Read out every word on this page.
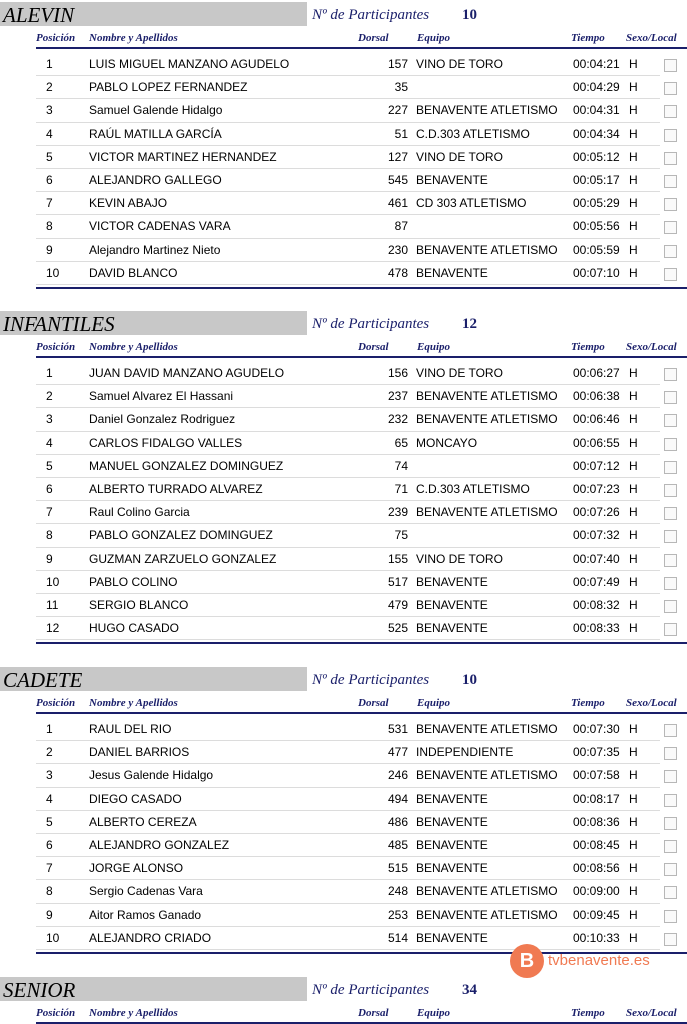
ALEVIN	Nº de Participantes 10
Posición Nombre y Apellidos	Dorsal	Equipo	Tiempo Sexo/Local
1	LUIS MIGUEL MANZANO AGUDELO	157 VINO DE TORO	00:04:21 H
2	PABLO LOPEZ FERNANDEZ	35	00:04:29 H
3	Samuel Galende Hidalgo	227 BENAVENTE ATLETISMO 00:04:31 H
4	RAÚL MATILLA GARCÍA	51 C.D.303 ATLETISMO	00:04:34 H
5	VICTOR MARTINEZ HERNANDEZ	127 VINO DE TORO	00:05:12 H
6	ALEJANDRO GALLEGO	545 BENAVENTE	00:05:17 H
7	KEVIN ABAJO	461 CD 303 ATLETISMO	00:05:29 H
8	VICTOR CADENAS VARA	87	00:05:56 H
9	Alejandro Martinez Nieto	230 BENAVENTE ATLETISMO 00:05:59 H
10 DAVID BLANCO	478 BENAVENTE	00:07:10 H
INFANTILES	Nº de Participantes 12
Posición Nombre y Apellidos	Dorsal	Equipo	Tiempo Sexo/Local
1	JUAN DAVID MANZANO AGUDELO	156 VINO DE TORO	00:06:27 H
2	Samuel Alvarez El Hassani	237 BENAVENTE ATLETISMO 00:06:38 H
3	Daniel Gonzalez Rodriguez	232 BENAVENTE ATLETISMO 00:06:46 H
4	CARLOS FIDALGO VALLES	65 MONCAYO	00:06:55 H
5	MANUEL GONZALEZ DOMINGUEZ	74	00:07:12 H
6	ALBERTO TURRADO ALVAREZ	71 C.D.303 ATLETISMO	00:07:23 H
7	Raul Colino Garcia	239 BENAVENTE ATLETISMO 00:07:26 H
8	PABLO GONZALEZ DOMINGUEZ	75	00:07:32 H
9	GUZMAN ZARZUELO GONZALEZ	155 VINO DE TORO	00:07:40 H
10 PABLO COLINO	517 BENAVENTE	00:07:49 H
11	SERGIO BLANCO	479 BENAVENTE	00:08:32 H
12 HUGO CASADO	525 BENAVENTE	00:08:33 H
CADETE	Nº de Participantes 10
Posición Nombre y Apellidos	Dorsal	Equipo	Tiempo Sexo/Local
1	RAUL DEL RIO	531 BENAVENTE ATLETISMO 00:07:30 H
2	DANIEL BARRIOS	477 INDEPENDIENTE	00:07:35 H
3	Jesus Galende Hidalgo	246 BENAVENTE ATLETISMO 00:07:58 H
4	DIEGO CASADO	494 BENAVENTE	00:08:17 H
5	ALBERTO CEREZA	486 BENAVENTE	00:08:36 H
6	ALEJANDRO GONZALEZ	485 BENAVENTE	00:08:45 H
7	JORGE ALONSO	515 BENAVENTE	00:08:56 H
8	Sergio Cadenas Vara	248 BENAVENTE ATLETISMO 00:09:00 H
9	Aitor Ramos Ganado	253 BENAVENTE ATLETISMO 00:09:45 H
10 ALEJANDRO CRIADO	514 BENAVENTE	00:10:33 H
SENIOR	Nº de Participantes 34
Posición Nombre y Apellidos	Dorsal	Equipo	Tiempo Sexo/Local
B tvbenavente.es
